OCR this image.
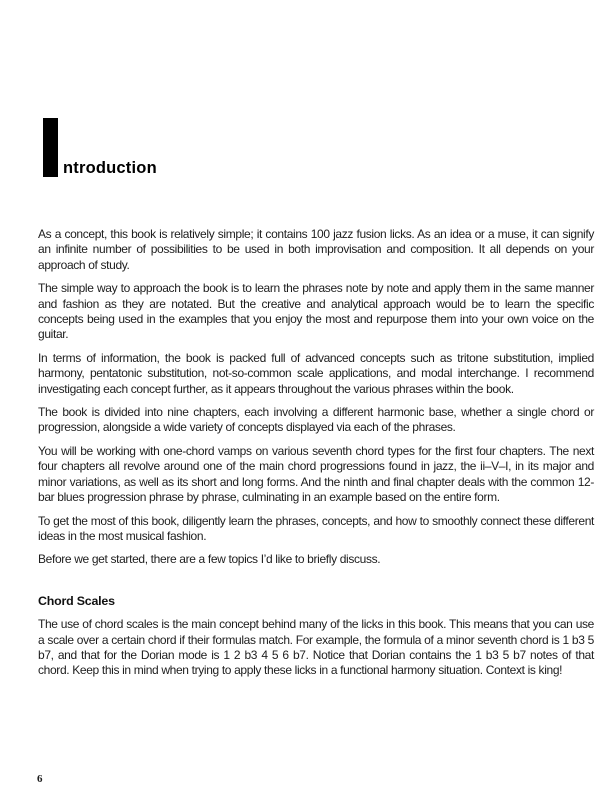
I ntroduction

As a concept, this book is relatively simple; it contains 100 jazz fusion licks. As an idea or a muse, it can signify an infinite number of possibilities to be used in both improvisation and composition. It all depends on your approach of study.

The simple way to approach the book is to learn the phrases note by note and apply them in the same manner and fashion as they are notated. But the creative and analytical approach would be to learn the specific concepts being used in the examples that you enjoy the most and repurpose them into your own voice on the guitar.

In terms of information, the book is packed full of advanced concepts such as tritone substitution, implied harmony, pentatonic substitution, not-so-common scale applications, and modal interchange. I recommend investigating each concept further, as it appears throughout the various phrases within the book.

The book is divided into nine chapters, each involving a different harmonic base, whether a single chord or progression, alongside a wide variety of concepts displayed via each of the phrases.

You will be working with one-chord vamps on various seventh chord types for the first four chapters. The next four chapters all revolve around one of the main chord progressions found in jazz, the ii–V–I, in its major and minor variations, as well as its short and long forms. And the ninth and final chapter deals with the common 12-bar blues progression phrase by phrase, culminating in an example based on the entire form.

To get the most of this book, diligently learn the phrases, concepts, and how to smoothly connect these different ideas in the most musical fashion.

Before we get started, there are a few topics I’d like to briefly discuss.

Chord Scales

The use of chord scales is the main concept behind many of the licks in this book. This means that you can use a scale over a certain chord if their formulas match. For example, the formula of a minor seventh chord is 1 b3 5 b7, and that for the Dorian mode is 1 2 b3 4 5 6 b7. Notice that Dorian contains the 1 b3 5 b7 notes of that chord. Keep this in mind when trying to apply these licks in a functional harmony situation. Context is king!

6
